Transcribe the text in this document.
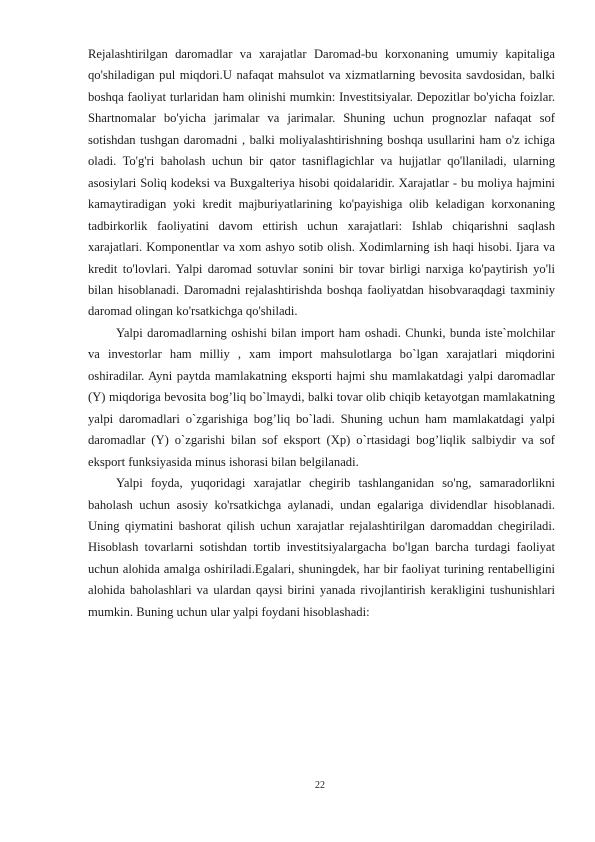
Rejalashtirilgan daromadlar va xarajatlar Daromad-bu korxonaning umumiy kapitaliga qo'shiladigan pul miqdori.U nafaqat mahsulot va xizmatlarning bevosita savdosidan, balki boshqa faoliyat turlaridan ham olinishi mumkin: Investitsiyalar. Depozitlar bo'yicha foizlar. Shartnomalar bo'yicha jarimalar va jarimalar. Shuning uchun prognozlar nafaqat sof sotishdan tushgan daromadni , balki moliyalashtirishning boshqa usullarini ham o'z ichiga oladi. To'g'ri baholash uchun bir qator tasniflagichlar va hujjatlar qo'llaniladi, ularning asosiylari Soliq kodeksi va Buxgalteriya hisobi qoidalaridir. Xarajatlar - bu moliya hajmini kamaytiradigan yoki kredit majburiyatlarining ko'payishiga olib keladigan korxonaning tadbirkorlik faoliyatini davom ettirish uchun xarajatlari: Ishlab chiqarishni saqlash xarajatlari. Komponentlar va xom ashyo sotib olish. Xodimlarning ish haqi hisobi. Ijara va kredit to'lovlari. Yalpi daromad sotuvlar sonini bir tovar birligi narxiga ko'paytirish yo'li bilan hisoblanadi. Daromadni rejalashtirishda boshqa faoliyatdan hisobvaraqdagi taxminiy daromad olingan ko'rsatkichga qo'shiladi.

Yalpi daromadlarning oshishi bilan import ham oshadi. Chunki, bunda iste`molchilar va investorlar ham milliy , xam import mahsulotlarga bo`lgan xarajatlari miqdorini oshiradilar. Ayni paytda mamlakatning eksporti hajmi shu mamlakatdagi yalpi daromadlar (Y) miqdoriga bevosita bog’liq bo`lmaydi, balki tovar olib chiqib ketayotgan mamlakatning yalpi daromadlari o`zgarishiga bog’liq bo`ladi. Shuning uchun ham mamlakatdagi yalpi daromadlar (Y) o`zgarishi bilan sof eksport (Xp) o`rtasidagi bog’liqlik salbiydir va sof eksport funksiyasida minus ishorasi bilan belgilanadi.

Yalpi foyda, yuqoridagi xarajatlar chegirib tashlanganidan so'ng, samaradorlikni baholash uchun asosiy ko'rsatkichga aylanadi, undan egalariga dividendlar hisoblanadi. Uning qiymatini bashorat qilish uchun xarajatlar rejalashtirilgan daromaddan chegiriladi. Hisoblash tovarlarni sotishdan tortib investitsiyalargacha bo'lgan barcha turdagi faoliyat uchun alohida amalga oshiriladi.Egalari, shuningdek, har bir faoliyat turining rentabelligini alohida baholashlari va ulardan qaysi birini yanada rivojlantirish kerakligini tushunishlari mumkin. Buning uchun ular yalpi foydani hisoblashadi:

22
